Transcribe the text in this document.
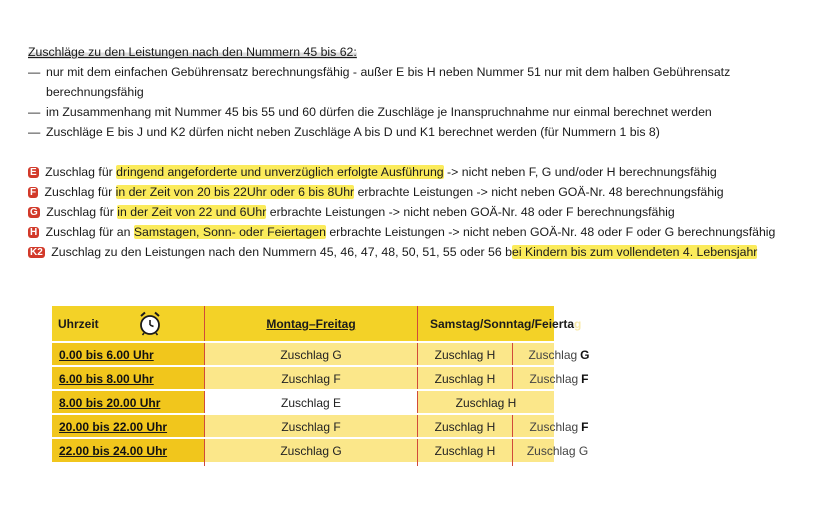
Zuschläge zu den Leistungen nach den Nummern 45 bis 62:
— nur mit dem einfachen Gebührensatz berechnungsfähig - außer E bis H neben Nummer 51 nur mit dem halben Gebührensatz
berechnungsfähig
— im Zusammenhang mit Nummer 45 bis 55 und 60 dürfen die Zuschläge je Inanspruchnahme nur einmal berechnet werden
— Zuschläge E bis J und K2 dürfen nicht neben Zuschläge A bis D und K1 berechnet werden (für Nummern 1 bis 8)
E Zuschlag für dringend angeforderte und unverzüglich erfolgte Ausführung -> nicht neben F, G und/oder H berechnungsfähig
F Zuschlag für in der Zeit von 20 bis 22Uhr oder 6 bis 8Uhr erbrachte Leistungen -> nicht neben GOÄ-Nr. 48 berechnungsfähig
G Zuschlag für in der Zeit von 22 und 6Uhr erbrachte Leistungen -> nicht neben GOÄ-Nr. 48 oder F berechnungsfähig
H Zuschlag für an Samstagen, Sonn- oder Feiertagen erbrachte Leistungen -> nicht neben GOÄ-Nr. 48 oder F oder G berechnungsfähig
K2 Zuschlag zu den Leistungen nach den Nummern 45, 46, 47, 48, 50, 51, 55 oder 56 bei Kindern bis zum vollendeten 4. Lebensjahr
Uhrzeit	Montag–Freitag	Samstag/Sonntag/Feierta g
0.00 bis 6.00 Uhr	Zuschlag G	Zuschlag H	Zuschlag G
6.00 bis 8.00 Uhr	Zuschlag F	Zuschlag H	Zuschlag F
8.00 bis 20.00 Uhr	Zuschlag E	Zuschlag H
20.00 bis 22.00 Uhr	Zuschlag F	Zuschlag H	Zuschlag F
22.00 bis 24.00 Uhr	Zuschlag G	Zuschlag H	Zuschlag G
